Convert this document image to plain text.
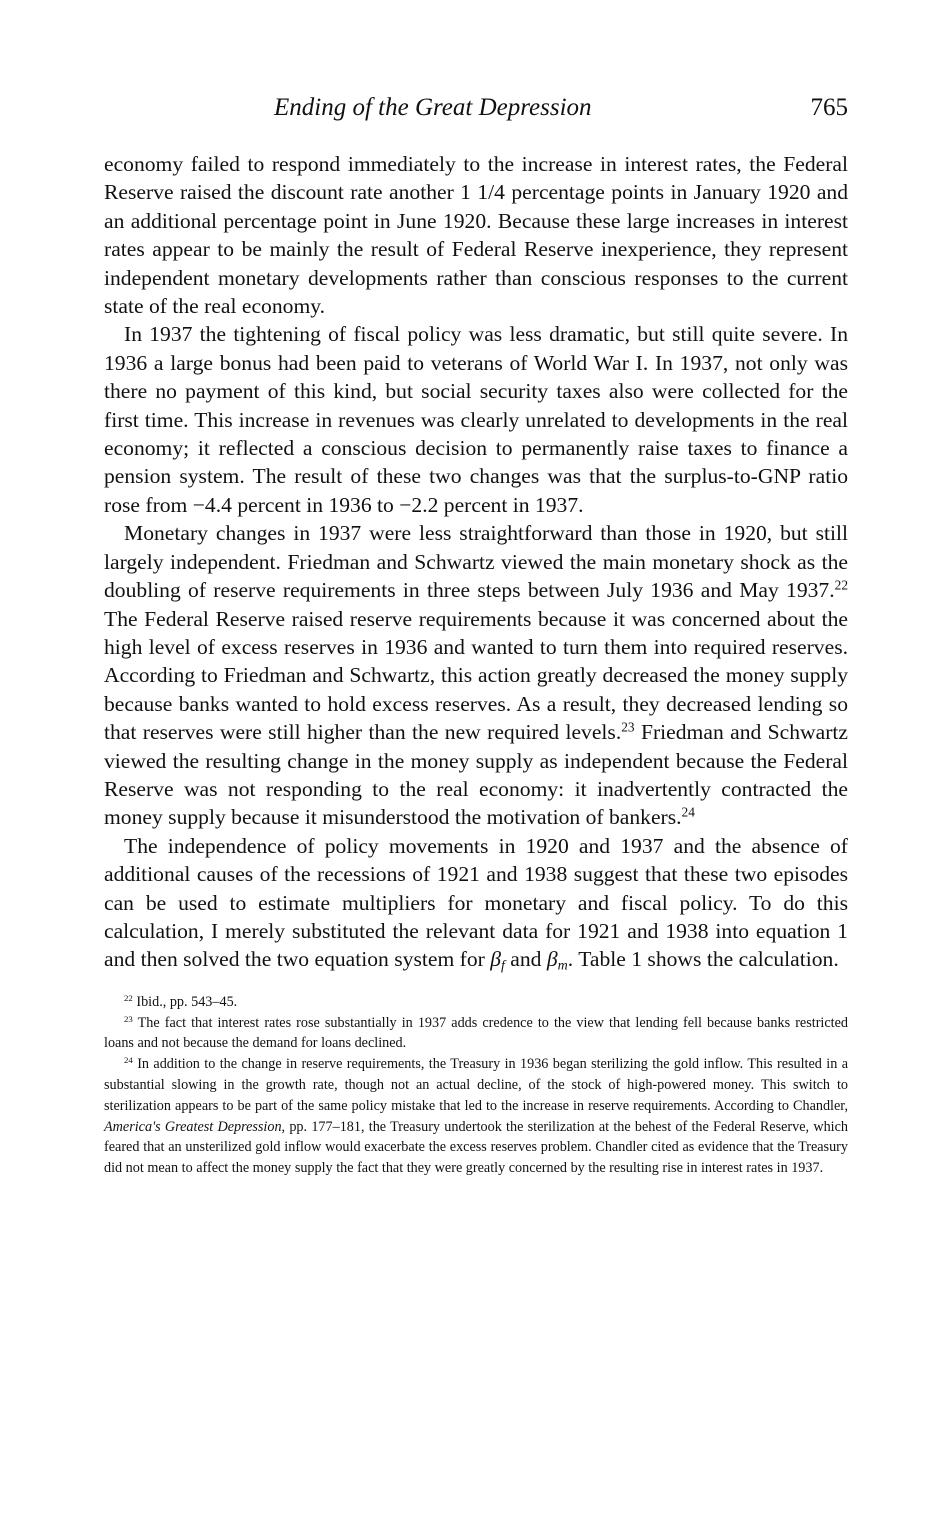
Ending of the Great Depression	765

economy failed to respond immediately to the increase in interest rates, the Federal Reserve raised the discount rate another 1 1/4 percentage points in January 1920 and an additional percentage point in June 1920. Because these large increases in interest rates appear to be mainly the result of Federal Reserve inexperience, they represent independent monetary developments rather than conscious responses to the current state of the real economy.

In 1937 the tightening of fiscal policy was less dramatic, but still quite severe. In 1936 a large bonus had been paid to veterans of World War I. In 1937, not only was there no payment of this kind, but social security taxes also were collected for the first time. This increase in revenues was clearly unrelated to developments in the real economy; it reflected a conscious decision to permanently raise taxes to finance a pension system. The result of these two changes was that the surplus-to-GNP ratio rose from −4.4 percent in 1936 to −2.2 percent in 1937.

Monetary changes in 1937 were less straightforward than those in 1920, but still largely independent. Friedman and Schwartz viewed the main monetary shock as the doubling of reserve requirements in three steps between July 1936 and May 1937.22 The Federal Reserve raised reserve requirements because it was concerned about the high level of excess reserves in 1936 and wanted to turn them into required reserves. According to Friedman and Schwartz, this action greatly decreased the money supply because banks wanted to hold excess reserves. As a result, they decreased lending so that reserves were still higher than the new required levels.$^{23}$ Friedman and Schwartz viewed the resulting change in the money supply as independent because the Federal Reserve was not responding to the real economy: it inadvertently contracted the money supply because it misunderstood the motivation of bankers.$^{24}$

The independence of policy movements in 1920 and 1937 and the absence of additional causes of the recessions of 1921 and 1938 suggest that these two episodes can be used to estimate multipliers for monetary and fiscal policy. To do this calculation, I merely substituted the relevant data for 1921 and 1938 into equation 1 and then solved the two equation system for $\beta_f$ and $\beta_m$. Table 1 shows the calculation.

$^{22}$ Ibid., pp. 543–45.

$^{23}$ The fact that interest rates rose substantially in 1937 adds credence to the view that lending fell because banks restricted loans and not because the demand for loans declined.

$^{24}$ In addition to the change in reserve requirements, the Treasury in 1936 began sterilizing the gold inflow. This resulted in a substantial slowing in the growth rate, though not an actual decline, of the stock of high-powered money. This switch to sterilization appears to be part of the same policy mistake that led to the increase in reserve requirements. According to Chandler, America's Greatest Depression, pp. 177–181, the Treasury undertook the sterilization at the behest of the Federal Reserve, which feared that an unsterilized gold inflow would exacerbate the excess reserves problem. Chandler cited as evidence that the Treasury did not mean to affect the money supply the fact that they were greatly concerned by the resulting rise in interest rates in 1937.
